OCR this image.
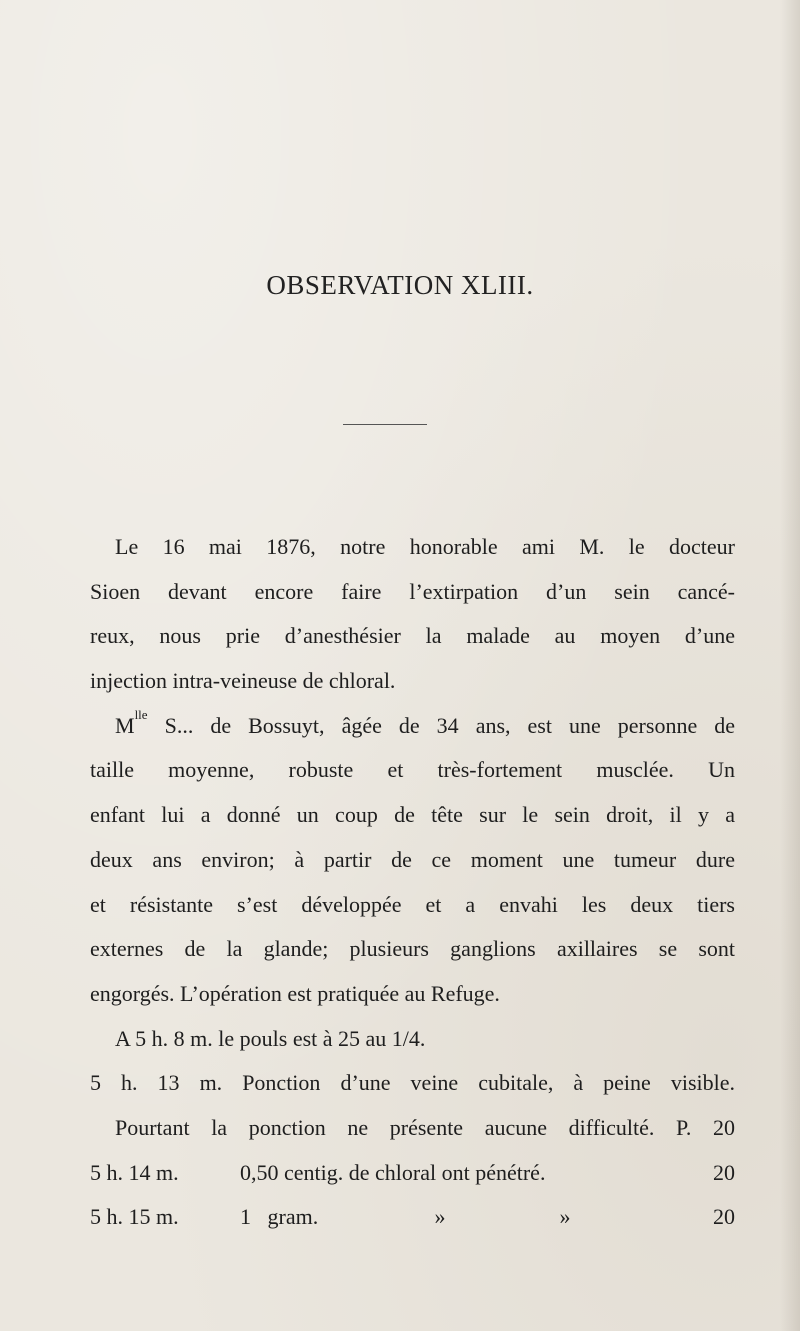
OBSERVATION XLIII.
Le 16 mai 1876, notre honorable ami M. le docteur
Sioen devant encore faire l’extirpation d’un sein cancé-
reux, nous prie d’anesthésier la malade au moyen d’une
injection intra-veineuse de chloral.
$M^{lle}$ S... de Bossuyt, âgée de 34 ans, est une personne de
taille moyenne, robuste et très-fortement musclée. Un
enfant lui a donné un coup de tête sur le sein droit, il y a
deux ans environ; à partir de ce moment une tumeur dure
et résistante s’est développée et a envahi les deux tiers
externes de la glande; plusieurs ganglions axillaires se sont
engorgés. L’opération est pratiquée au Refuge.
A 5 h. 8 m. le pouls est à 25 au 1/4.
5 h. 13 m. Ponction d’une veine cubitale, à peine visible.
Pourtant la ponction ne présente aucune difficulté. P. 20
5 h. 14 m.	0,50 centig. de chloral ont pénétré.	20
5 h. 15 m.	1   gram.	»	»	20
